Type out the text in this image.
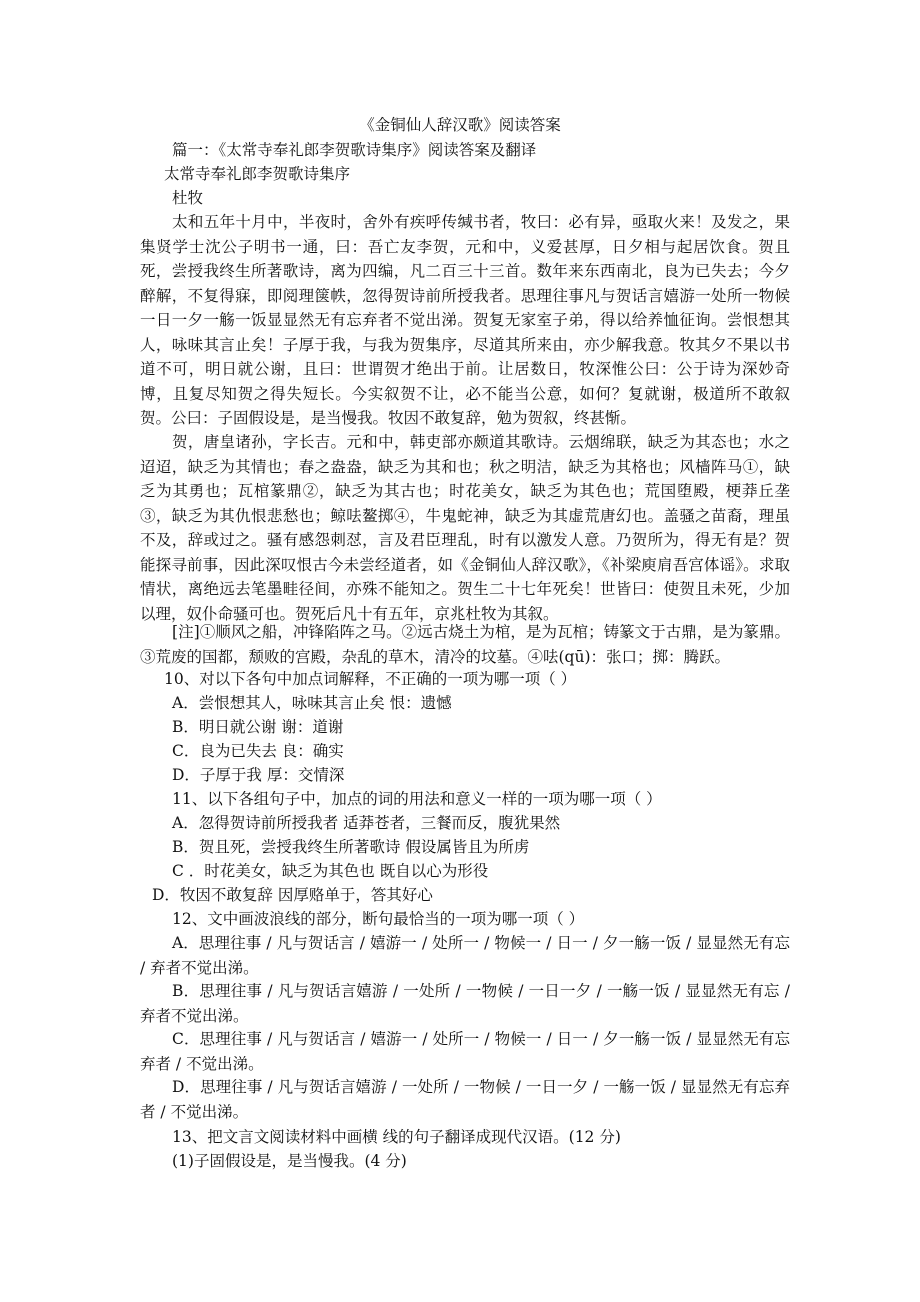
《金铜仙人辞汉歌》阅读答案
篇一：《太常寺奉礼郎李贺歌诗集序》阅读答案及翻译
太常寺奉礼郎李贺歌诗集序
杜牧
太和五年十月中，半夜时，舍外有疾呼传缄书者，牧曰：必有异，亟取火来！及发之，果集贤学士沈公子明书一通，曰：吾亡友李贺，元和中，义爱甚厚，日夕相与起居饮食。贺且死，尝授我终生所著歌诗，离为四编，凡二百三十三首。数年来东西南北，良为已失去；今夕醉解，不复得寐，即阅理箧帙，忽得贺诗前所授我者。思理往事凡与贺话言嬉游一处所一物候一日一夕一觞一饭显显然无有忘弃者不觉出涕。贺复无家室子弟，得以给养恤征询。尝恨想其人，咏味其言止矣！子厚于我，与我为贺集序，尽道其所来由，亦少解我意。牧其夕不果以书道不可，明日就公谢，且曰：世谓贺才绝出于前。让居数日，牧深惟公曰：公于诗为深妙奇博，且复尽知贺之得失短长。今实叙贺不让，必不能当公意，如何？复就谢，极道所不敢叙贺。公曰：子固假设是，是当慢我。牧因不敢复辞，勉为贺叙，终甚惭。
贺，唐皇诸孙，字长吉。元和中，韩吏部亦颇道其歌诗。云烟绵联，缺乏为其态也；水之迢迢，缺乏为其情也；春之盎盎，缺乏为其和也；秋之明洁，缺乏为其格也；风樯阵马①，缺乏为其勇也；瓦棺篆鼎②，缺乏为其古也；时花美女，缺乏为其色也；荒国堕殿，梗莽丘垄③，缺乏为其仇恨悲愁也；鲸呿鳌掷④，牛鬼蛇神，缺乏为其虚荒唐幻也。盖骚之苗裔，理虽不及，辞或过之。骚有感怨刺怼，言及君臣理乱，时有以激发人意。乃贺所为，得无有是？贺能探寻前事，因此深叹恨古今未尝经道者，如《金铜仙人辞汉歌》，《补梁庾肩吾宫体谣》。求取情状，离绝远去笔墨畦径间，亦殊不能知之。贺生二十七年死矣！世皆曰：使贺且未死，少加以理，奴仆命骚可也。贺死后凡十有五年，京兆杜牧为其叙。
[注]①顺风之船，冲锋陷阵之马。②远古烧土为棺，是为瓦棺；铸篆文于古鼎，是为篆鼎。③荒废的国都，颓败的宫殿，杂乱的草木，清冷的坟墓。④呿(qū)：张口；掷：腾跃。
10、对以下各句中加点词解释，不正确的一项为哪一项（ ）
A．尝恨想其人，咏味其言止矣 恨：遗憾
B．明日就公谢 谢：道谢
C．良为已失去 良：确实
D．子厚于我 厚：交情深
11、以下各组句子中，加点的词的用法和意义一样的一项为哪一项（ ）
A．忽得贺诗前所授我者 适莽苍者，三餐而反，腹犹果然
B．贺且死，尝授我终生所著歌诗 假设属皆且为所虏
C ．时花美女，缺乏为其色也 既自以心为形役
D．牧因不敢复辞 因厚赂单于，答其好心
12、文中画波浪线的部分，断句最恰当的一项为哪一项（ ）
A．思理往事 / 凡与贺话言 / 嬉游一 / 处所一 / 物候一 / 日一 / 夕一觞一饭 / 显显然无有忘 / 弃者不觉出涕。
B．思理往事 / 凡与贺话言嬉游 / 一处所 / 一物候 / 一日一夕 / 一觞一饭 / 显显然无有忘 / 弃者不觉出涕。
C．思理往事 / 凡与贺话言 / 嬉游一 / 处所一 / 物候一 / 日一 / 夕一觞一饭 / 显显然无有忘弃者 / 不觉出涕。
D．思理往事 / 凡与贺话言嬉游 / 一处所 / 一物候 / 一日一夕 / 一觞一饭 / 显显然无有忘弃者 / 不觉出涕。
13、把文言文阅读材料中画横 线的句子翻译成现代汉语。(12 分)
(1)子固假设是，是当慢我。(4 分)
